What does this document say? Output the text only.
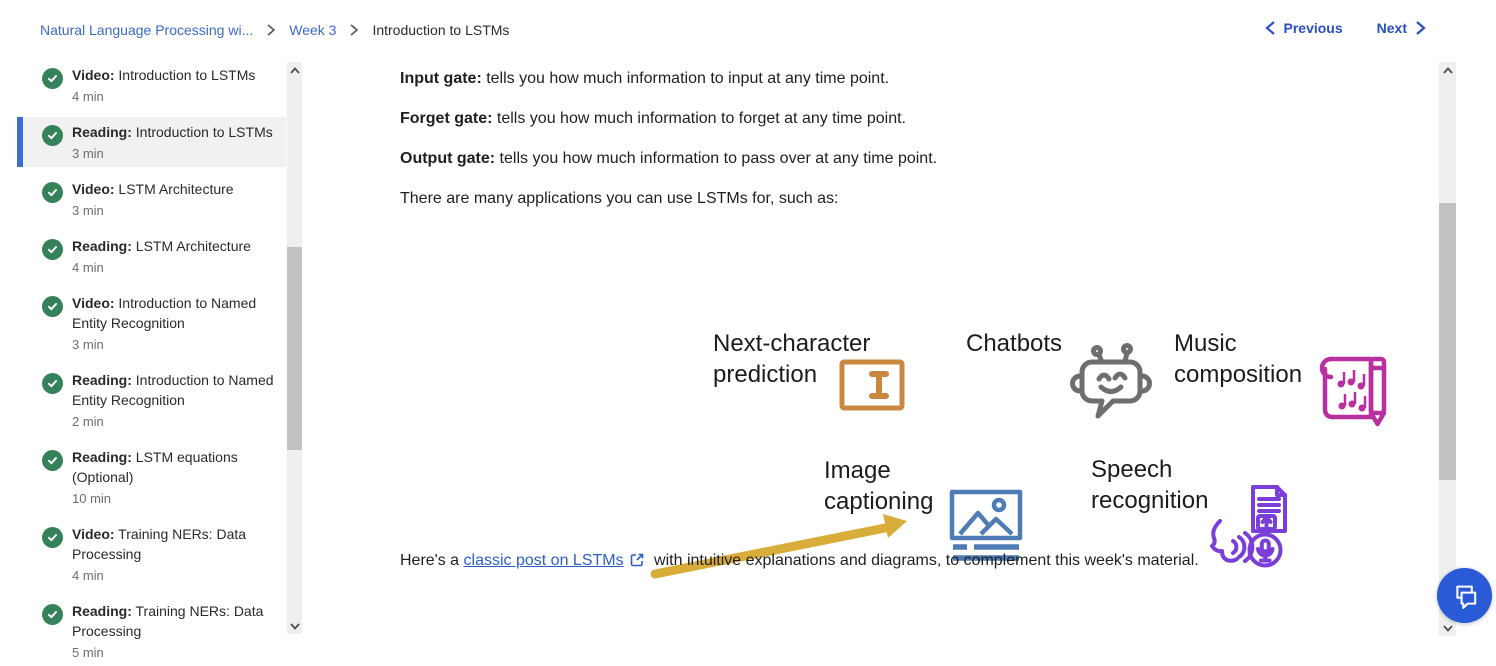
Natural Language Processing wi...	Week 3	Introduction to LSTMs	Previous Next
Video: Introduction to LSTMs
4 min
Reading: Introduction to LSTMs
3 min
Video: LSTM Architecture
3 min
Reading: LSTM Architecture
4 min
Video: Introduction to Named Entity Recognition
3 min
Reading: Introduction to Named Entity Recognition
2 min
Reading: LSTM equations (Optional)
10 min
Video: Training NERs: Data Processing
4 min
Reading: Training NERs: Data Processing
5 min

Input gate: tells you how much information to input at any time point.

Forget gate: tells you how much information to forget at any time point.

Output gate: tells you how much information to pass over at any time point.

There are many applications you can use LSTMs for, such as:

Next-character prediction
Chatbots	Music composition
Image captioning
Speech recognition

Here's a classic post on LSTMs with intuitive explanations and diagrams, to complement this week's material.
